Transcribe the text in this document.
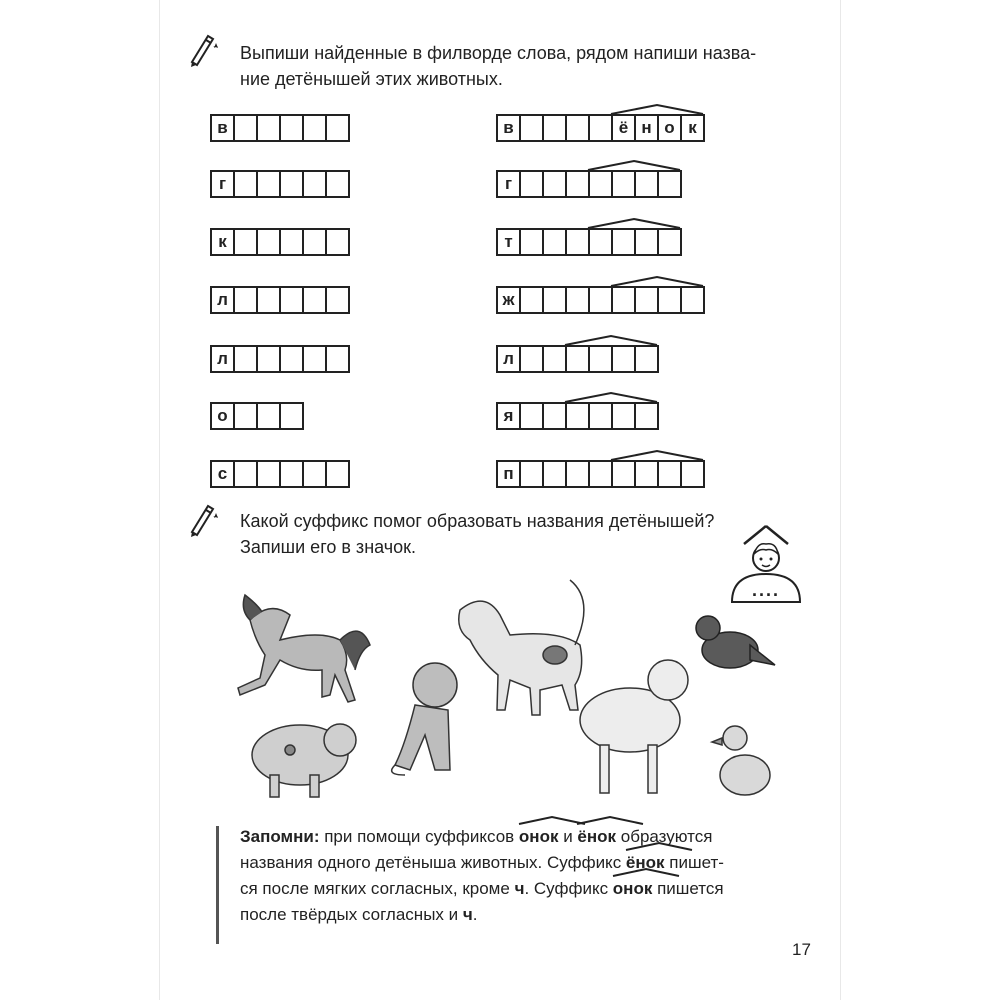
Выпиши найденные в филворде слова, рядом напиши назва-
ние детёнышей этих животных.
в
г
к
л
л
о
с
в	ё н о к
г
т
ж
л
я
п
Какой суффикс помог образовать названия детёнышей?
Запиши его в значок.
....
Запомни: при помощи суффиксов
онок и
ёнок образуются
названия одного детёныша животных. Суффикс
ёнок пишет-
ся после мягких согласных, кроме ч. Суффикс
онок пишется
после твёрдых согласных и ч.
17
